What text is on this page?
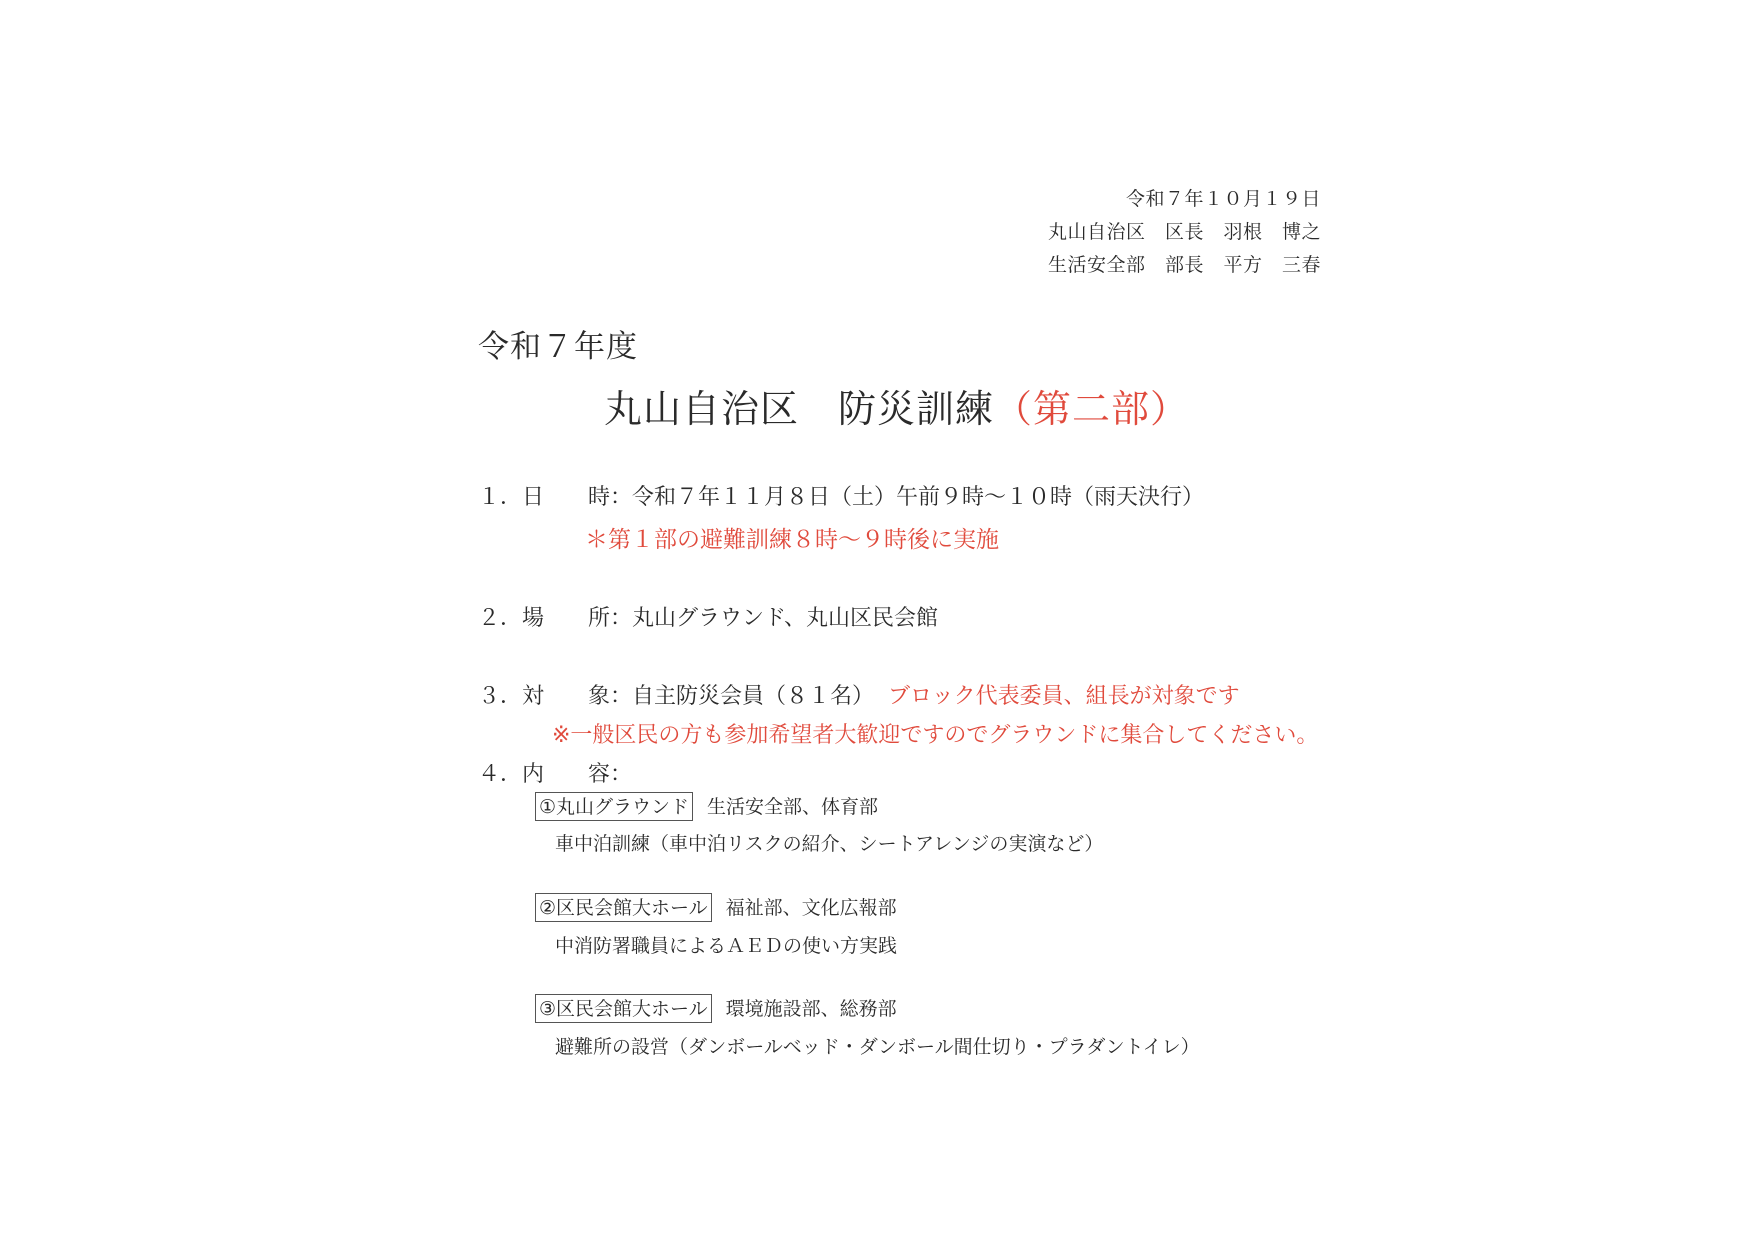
令和７年１０月１９日
丸山自治区　区長　羽根　博之
生活安全部　部長　平方　三春
令和７年度
丸山自治区　防災訓練（第二部）
１．日　　時：令和７年１１月８日（土）午前９時～１０時（雨天決行）
＊第１部の避難訓練８時～９時後に実施
２．場　　所：丸山グラウンド、丸山区民会館
３．対　　象：自主防災会員（８１名） ブロック代表委員、組長が対象です
※一般区民の方も参加希望者大歓迎ですのでグラウンドに集合してください。
４．内　　容：
①丸山グラウンド 生活安全部、体育部
車中泊訓練（車中泊リスクの紹介、シートアレンジの実演など）
②区民会館大ホール 福祉部、文化広報部
中消防署職員によるＡＥＤの使い方実践
③区民会館大ホール 環境施設部、総務部
避難所の設営（ダンボールベッド・ダンボール間仕切り・プラダントイレ）
